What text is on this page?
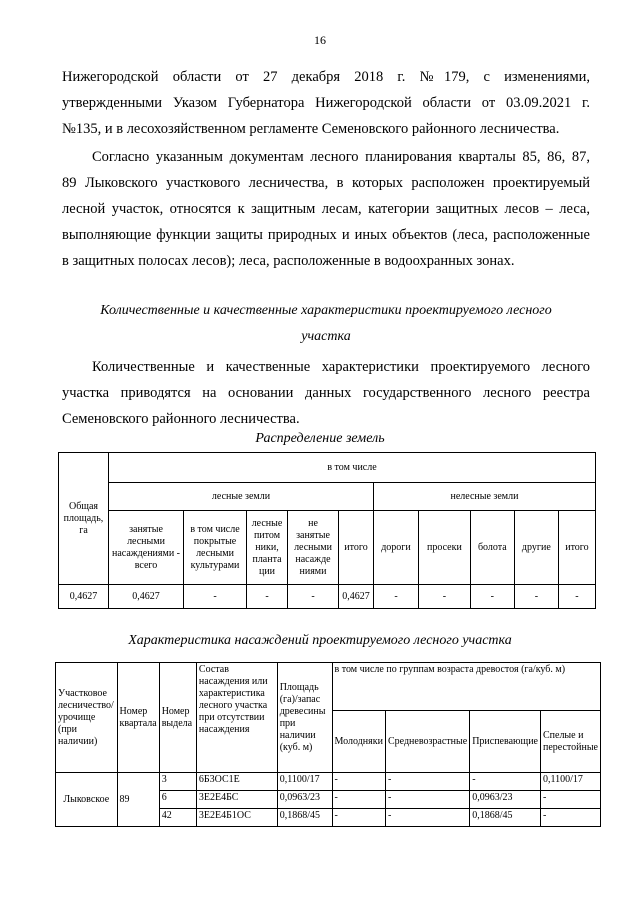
16
Нижегородской области от 27 декабря 2018 г. №179, с изменениями,
утвержденными Указом Губернатора Нижегородской области от 03.09.2021 г.
№135, и в лесохозяйственном регламенте Семеновского районного лесничества.
Согласно указанным документам лесного планирования кварталы 85, 86, 87,
89 Лыковского участкового лесничества, в которых расположен проектируемый
лесной участок, относятся к защитным лесам, категории защитных лесов – леса,
выполняющие функции защиты природных и иных объектов (леса, расположенные
в защитных полосах лесов); леса, расположенные в водоохранных зонах.
Количественные и качественные характеристики проектируемого лесного
участка
Количественные и качественные характеристики проектируемого лесного
участка приводятся на основании данных государственного лесного реестра
Семеновского районного лесничества.
Распределение земель
Общая площадь, га	в том числе									
	лесные земли					нелесные земли				
	занятые лесными насаждениями - всего	в том числе покрытые лесными культурами	лесные питом ники, планта ции	не занятые лесными насажде ниями	итого	дороги	просеки	болота	другие	итого
0,4627	0,4627	-	-	-	0,4627	-	-	-	-	-
Характеристика насаждений проектируемого лесного участка
Участковое лесничество/урочище (при наличии)	Номер квартала	Номер выдела	Состав насаждения или характеристика лесного участка при отсутствии насаждения	Площадь (га)/запас древесины при наличии (куб. м)	в том числе по группам возраста древостоя (га/куб. м)			
					Молодняки	Средневозрастные	Приспевающие	Спелые и перестойные
Лыковское	89	3	6Б3ОС1Е	0,1100/17	-	-	-	0,1100/17
		6	3Е2Е4БС	0,0963/23	-	-	0,0963/23	-
		42	3Е2Е4Б1ОС	0,1868/45	-	-	0,1868/45	-
